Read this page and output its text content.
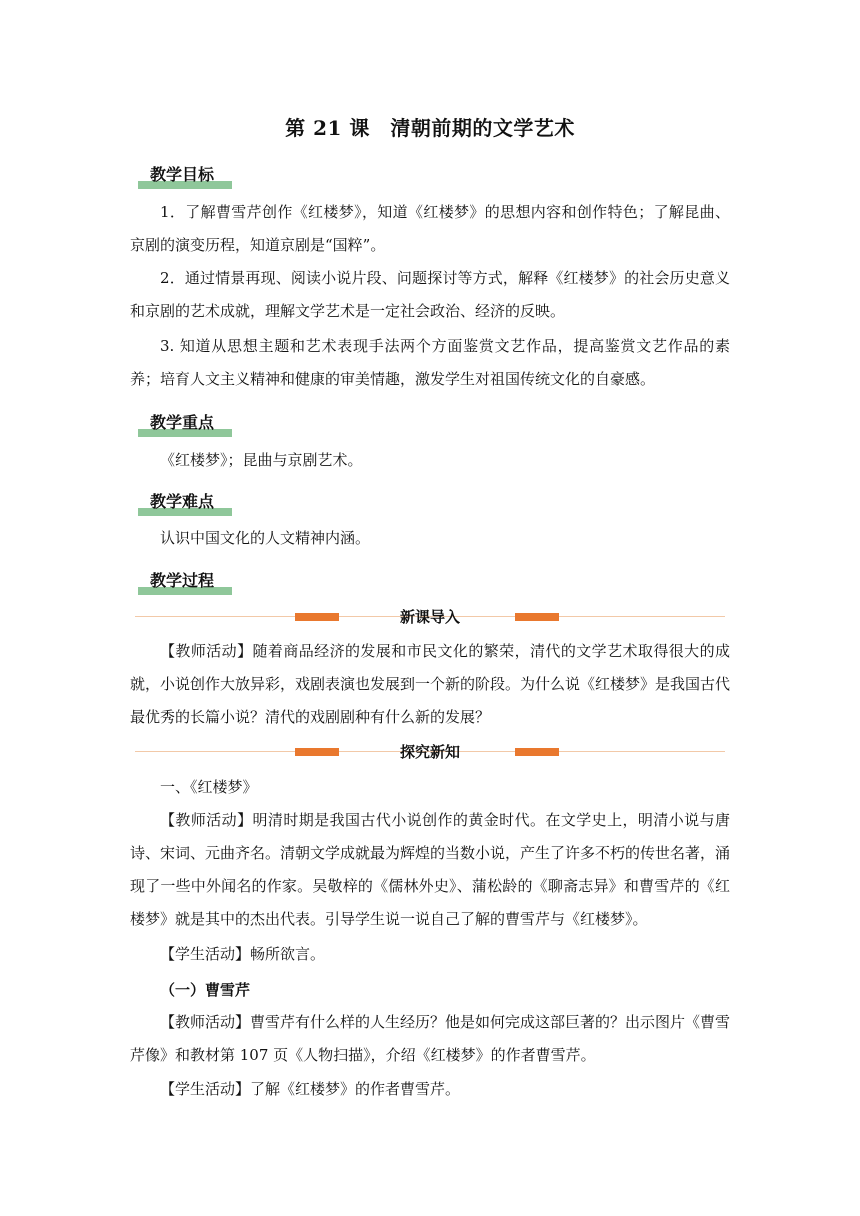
第 21 课　清朝前期的文学艺术
教学目标
1．了解曹雪芹创作《红楼梦》，知道《红楼梦》的思想内容和创作特色；了解昆曲、京剧的演变历程，知道京剧是“国粹”。
2．通过情景再现、阅读小说片段、问题探讨等方式，解释《红楼梦》的社会历史意义和京剧的艺术成就，理解文学艺术是一定社会政治、经济的反映。
3. 知道从思想主题和艺术表现手法两个方面鉴赏文艺作品，提高鉴赏文艺作品的素养；培育人文主义精神和健康的审美情趣，激发学生对祖国传统文化的自豪感。
教学重点
《红楼梦》；昆曲与京剧艺术。
教学难点
认识中国文化的人文精神内涵。
教学过程
新课导入
【教师活动】随着商品经济的发展和市民文化的繁荣，清代的文学艺术取得很大的成就，小说创作大放异彩，戏剧表演也发展到一个新的阶段。为什么说《红楼梦》是我国古代最优秀的长篇小说？清代的戏剧剧种有什么新的发展？
探究新知
一、《红楼梦》
【教师活动】明清时期是我国古代小说创作的黄金时代。在文学史上，明清小说与唐诗、宋词、元曲齐名。清朝文学成就最为辉煌的当数小说，产生了许多不朽的传世名著，涌现了一些中外闻名的作家。吴敬梓的《儒林外史》、蒲松龄的《聊斋志异》和曹雪芹的《红楼梦》就是其中的杰出代表。引导学生说一说自己了解的曹雪芹与《红楼梦》。
【学生活动】畅所欲言。
（一）曹雪芹
【教师活动】曹雪芹有什么样的人生经历？他是如何完成这部巨著的？出示图片《曹雪芹像》和教材第 107 页《人物扫描》，介绍《红楼梦》的作者曹雪芹。
【学生活动】了解《红楼梦》的作者曹雪芹。
